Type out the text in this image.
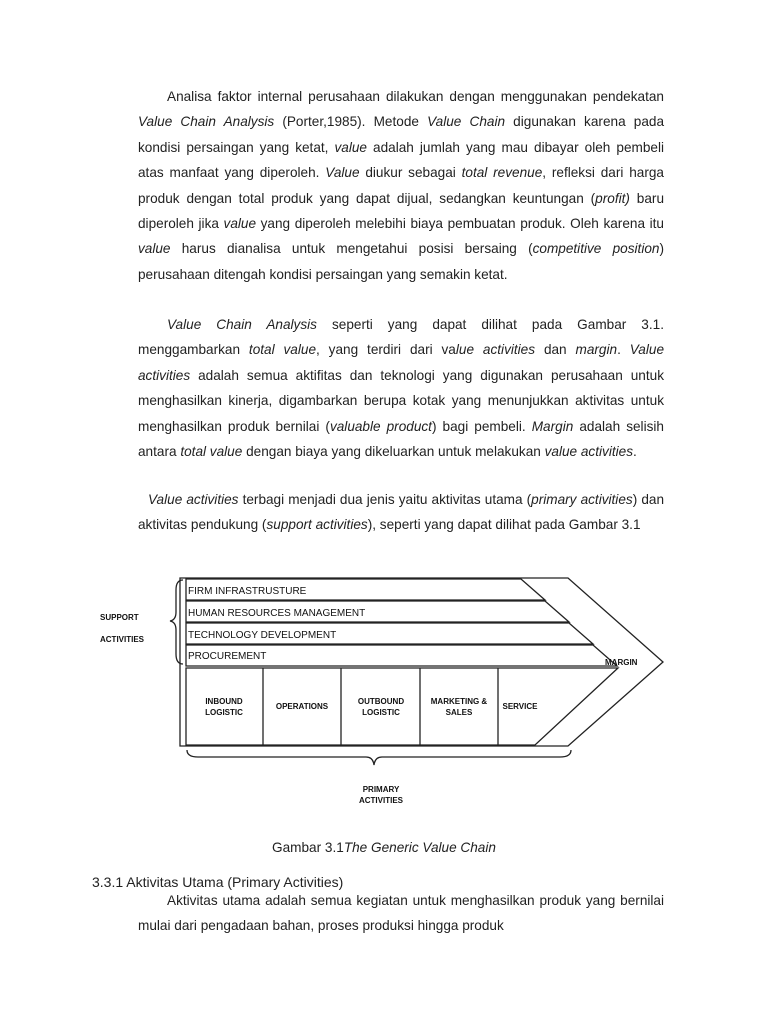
Analisa faktor internal perusahaan dilakukan dengan menggunakan pendekatan Value Chain Analysis (Porter,1985). Metode Value Chain digunakan karena pada kondisi persaingan yang ketat, value adalah jumlah yang mau dibayar oleh pembeli atas manfaat yang diperoleh. Value diukur sebagai total revenue, refleksi dari harga produk dengan total produk yang dapat dijual, sedangkan keuntungan (profit) baru diperoleh jika value yang diperoleh melebihi biaya pembuatan produk. Oleh karena itu value harus dianalisa untuk mengetahui posisi bersaing (competitive position) perusahaan ditengah kondisi persaingan yang semakin ketat.

Value Chain Analysis seperti yang dapat dilihat pada Gambar 3.1. menggambarkan total value, yang terdiri dari value activities dan margin. Value activities adalah semua aktifitas dan teknologi yang digunakan perusahaan untuk menghasilkan kinerja, digambarkan berupa kotak yang menunjukkan aktivitas untuk menghasilkan produk bernilai (valuable product) bagi pembeli. Margin adalah selisih antara total value dengan biaya yang dikeluarkan untuk melakukan value activities.

Value activities terbagi menjadi dua jenis yaitu aktivitas utama (primary activities) dan aktivitas pendukung (support activities), seperti yang dapat dilihat pada Gambar 3.1

FIRM INFRASTRUSTURE
HUMAN RESOURCES MANAGEMENT
TECHNOLOGY DEVELOPMENT
PROCUREMENT
SUPPORT
ACTIVITIES
MARGIN
INBOUND
LOGISTIC
OPERATIONS
OUTBOUND
LOGISTIC
MARKETING &
SALES
SERVICE
PRIMARY
ACTIVITIES
Gambar 3.1The Generic Value Chain
3.3.1 Aktivitas Utama (Primary Activities)

Aktivitas utama adalah semua kegiatan untuk menghasilkan produk yang bernilai mulai dari pengadaan bahan, proses produksi hingga produk
